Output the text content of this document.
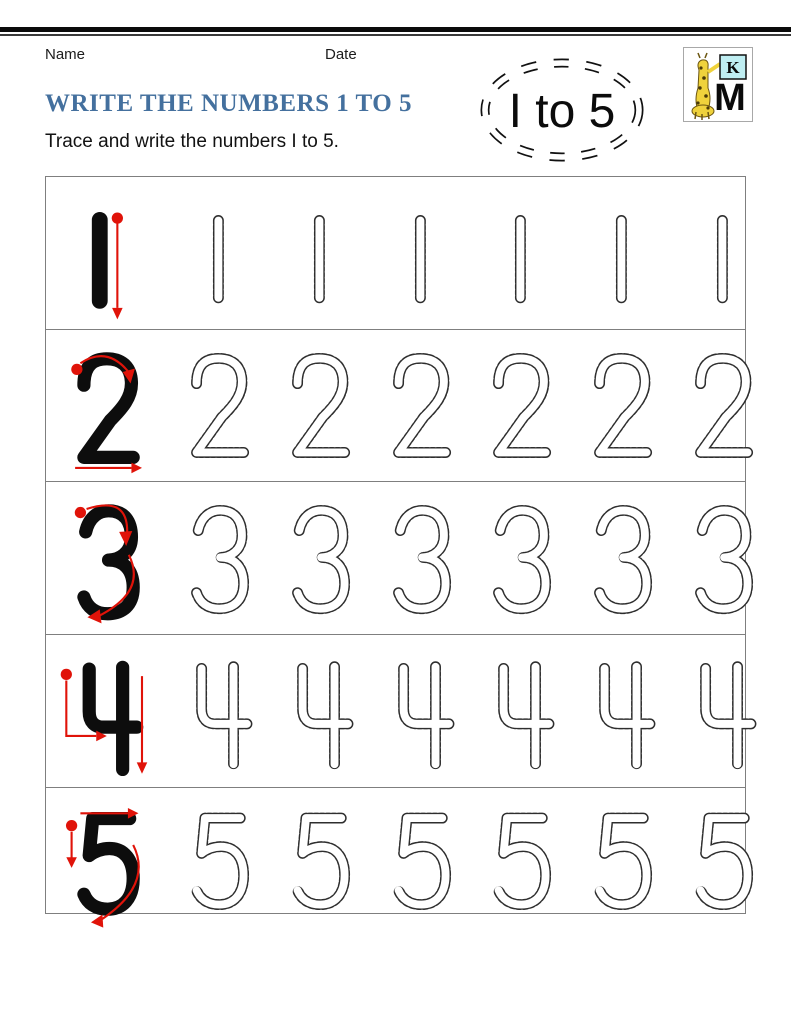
Name	Date
WRITE THE NUMBERS 1 TO 5
Trace and write the numbers I to 5.
I to 5
K
M
